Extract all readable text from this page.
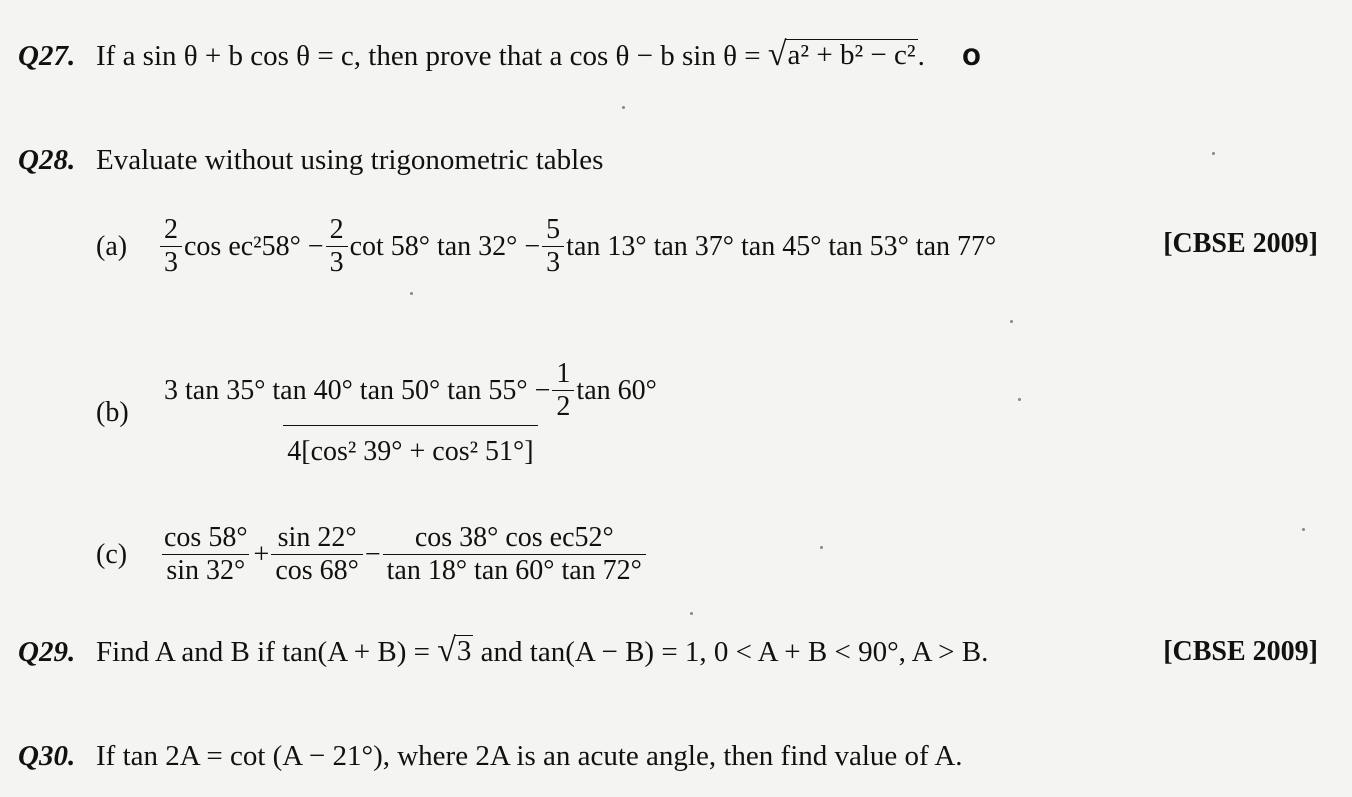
Q27. If a sin θ + b cos θ = c, then prove that a cos θ − b sin θ = √ a² + b² − c² . O
Q28. Evaluate without using trigonometric tables
(a)	$\frac{2}{3}$ $\cos ec^258^\circ - \frac{2}{3}$ cot 58° $\tan 32^\circ - \frac{5}{3}$ tan 13° tan 37° tan 45° tan 53° tan 77°	[CBSE 2009]
(b)	$\frac{3 \tan 35^\circ \tan 40^\circ \tan 50^\circ \tan 55^\circ - \frac{1}{2} \tan 60^\circ}{\text{4[cos² 39° + cos² 51°]}}$
(c)	$\frac{\cos 58^\circ}{\sin 32^\circ} + \frac{\sin 22^\circ}{\cos 68^\circ} - \frac{\text{cos 38° cos ec52°}}{\tan 18^\circ \tan 60^\circ \tan 72^\circ}$
Q29. Find A and B if tan(A + B) = √ 3 and tan(A − B) = 1, 0 < A + B < 90°, A > B.	[CBSE 2009]
Q30. If tan 2A = cot (A − 21°), where 2A is an acute angle, then find value of A.
